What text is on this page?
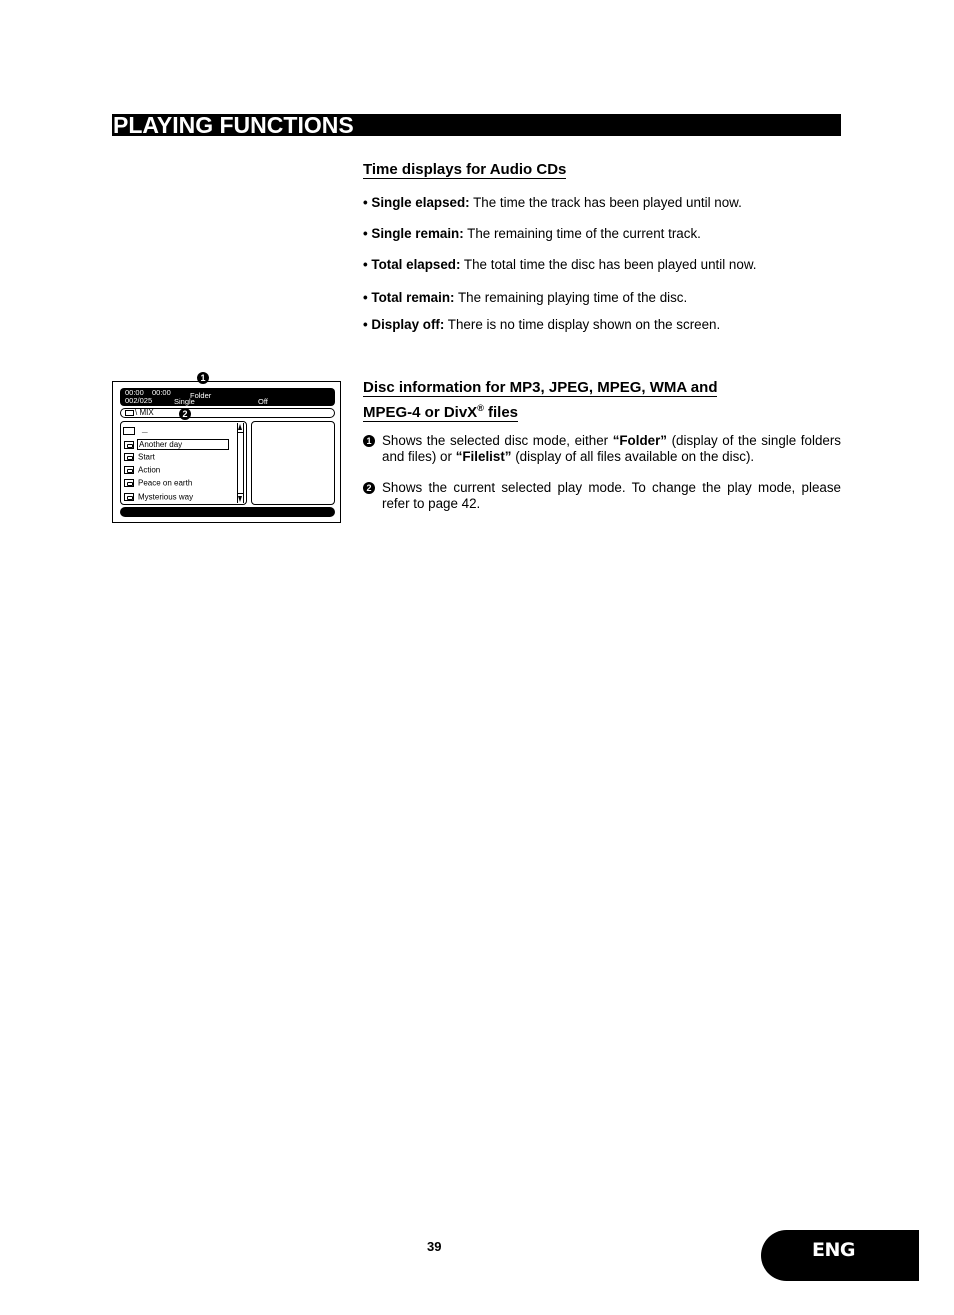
PLAYING FUNCTIONS
Time displays for Audio CDs
• Single elapsed: The time the track has been played until now.
• Single remain: The remaining time of the current track.
• Total elapsed: The total time the disc has been played until now.
• Total remain: The remaining playing time of the disc.
• Display off: There is no time display shown on the screen.
Disc information for MP3, JPEG, MPEG, WMA and
MPEG-4 or DivX® files
1 Shows the selected disc mode, either “Folder” (display of the single folders and files) or “Filelist” (display of all files available on the disc).
2 Shows the current selected play mode. To change the play mode, please refer to page 42.
1
00:00 00:00	Folder
002/025	Single	Off
\ MIX	2
_
Another day
Start
Action
Peace on earth
Mysterious way
39	ENG
